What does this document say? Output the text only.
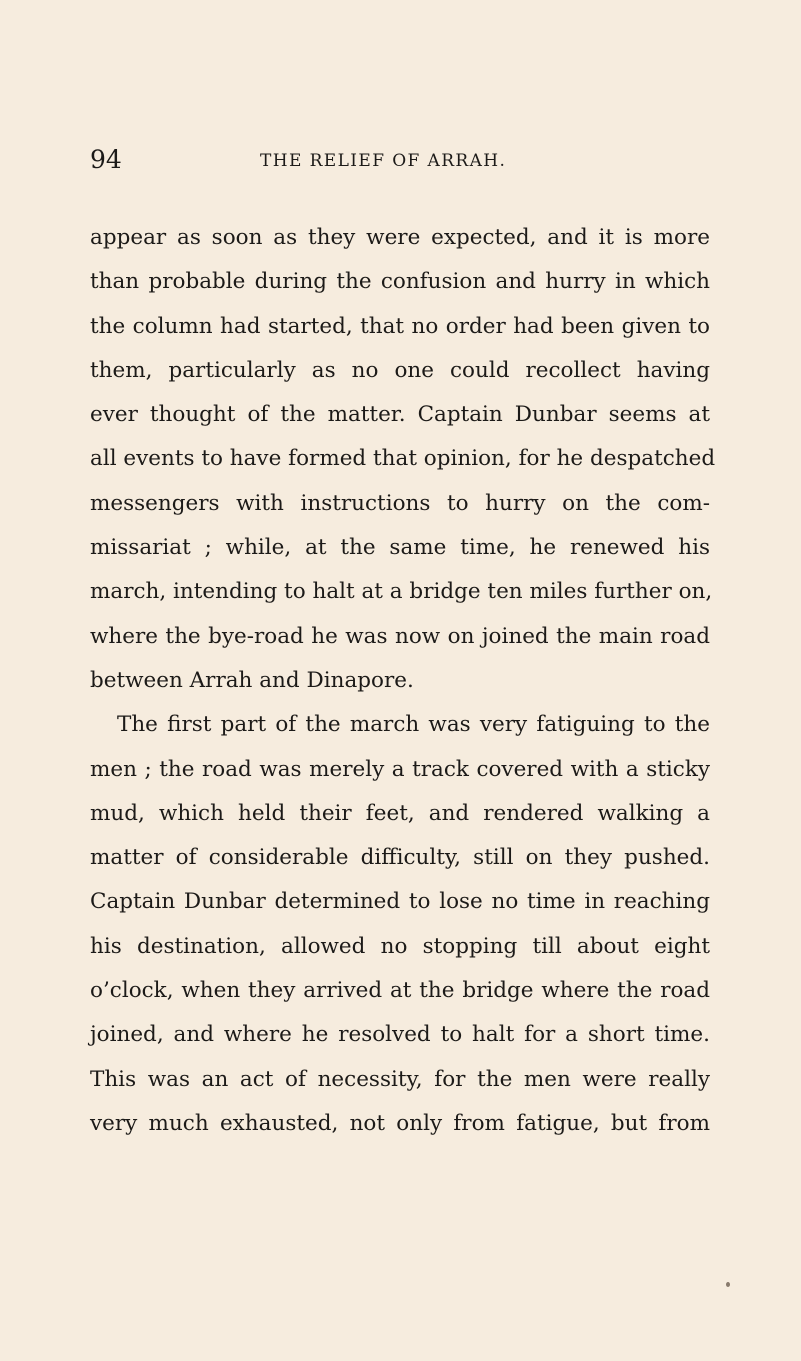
94	THE RELIEF OF ARRAH.
appear as soon as they were expected, and it is more
than probable during the confusion and hurry in which
the column had started, that no order had been given to
them, particularly as no one could recollect having
ever thought of the matter. Captain Dunbar seems at
all events to have formed that opinion, for he despatched
messengers with instructions to hurry on the com-
missariat ; while, at the same time, he renewed his
march, intending to halt at a bridge ten miles further on,
where the bye-road he was now on joined the main road
between Arrah and Dinapore.
The first part of the march was very fatiguing to the
men ; the road was merely a track covered with a sticky
mud, which held their feet, and rendered walking a
matter of considerable difficulty, still on they pushed.
Captain Dunbar determined to lose no time in reaching
his destination, allowed no stopping till about eight
o’clock, when they arrived at the bridge where the road
joined, and where he resolved to halt for a short time.
This was an act of necessity, for the men were really
very much exhausted, not only from fatigue, but from
